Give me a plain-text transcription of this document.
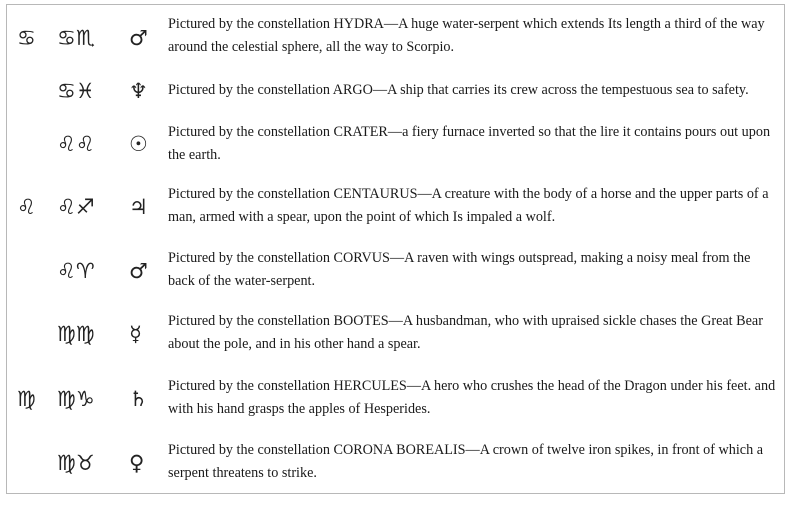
♋ ♋♏ ♂
Pictured by the constellation HYDRA—A huge water-serpent which extends Its length a third of the way around the celestial sphere, all the way to Scorpio.
♋♓ ♆ Pictured by the constellation ARGO—A ship that carries its crew across the tempestuous sea to safety.
♌♌ ☉ Pictured by the constellation CRATER—a fiery furnace inverted so that the lire it contains pours out upon the earth.
♌ ♌♐ ♃
Pictured by the constellation CENTAURUS—A creature with the body of a horse and the upper parts of a man, armed with a spear, upon the point of which Is impaled a wolf.
♌♈ ♂
Pictured by the constellation CORVUS—A raven with wings outspread, making a noisy meal from the back of the water-serpent.
♍♍ ☿
Pictured by the constellation BOOTES—A husbandman, who with upraised sickle chases the Great Bear about the pole, and in his other hand a spear.
♍ ♍♑ ♄
Pictured by the constellation HERCULES—A hero who crushes the head of the Dragon under his feet. and with his hand grasps the apples of Hesperides.
♍♉ ♀
Pictured by the constellation CORONA BOREALIS—A crown of twelve iron spikes, in front of which a serpent threatens to strike.
